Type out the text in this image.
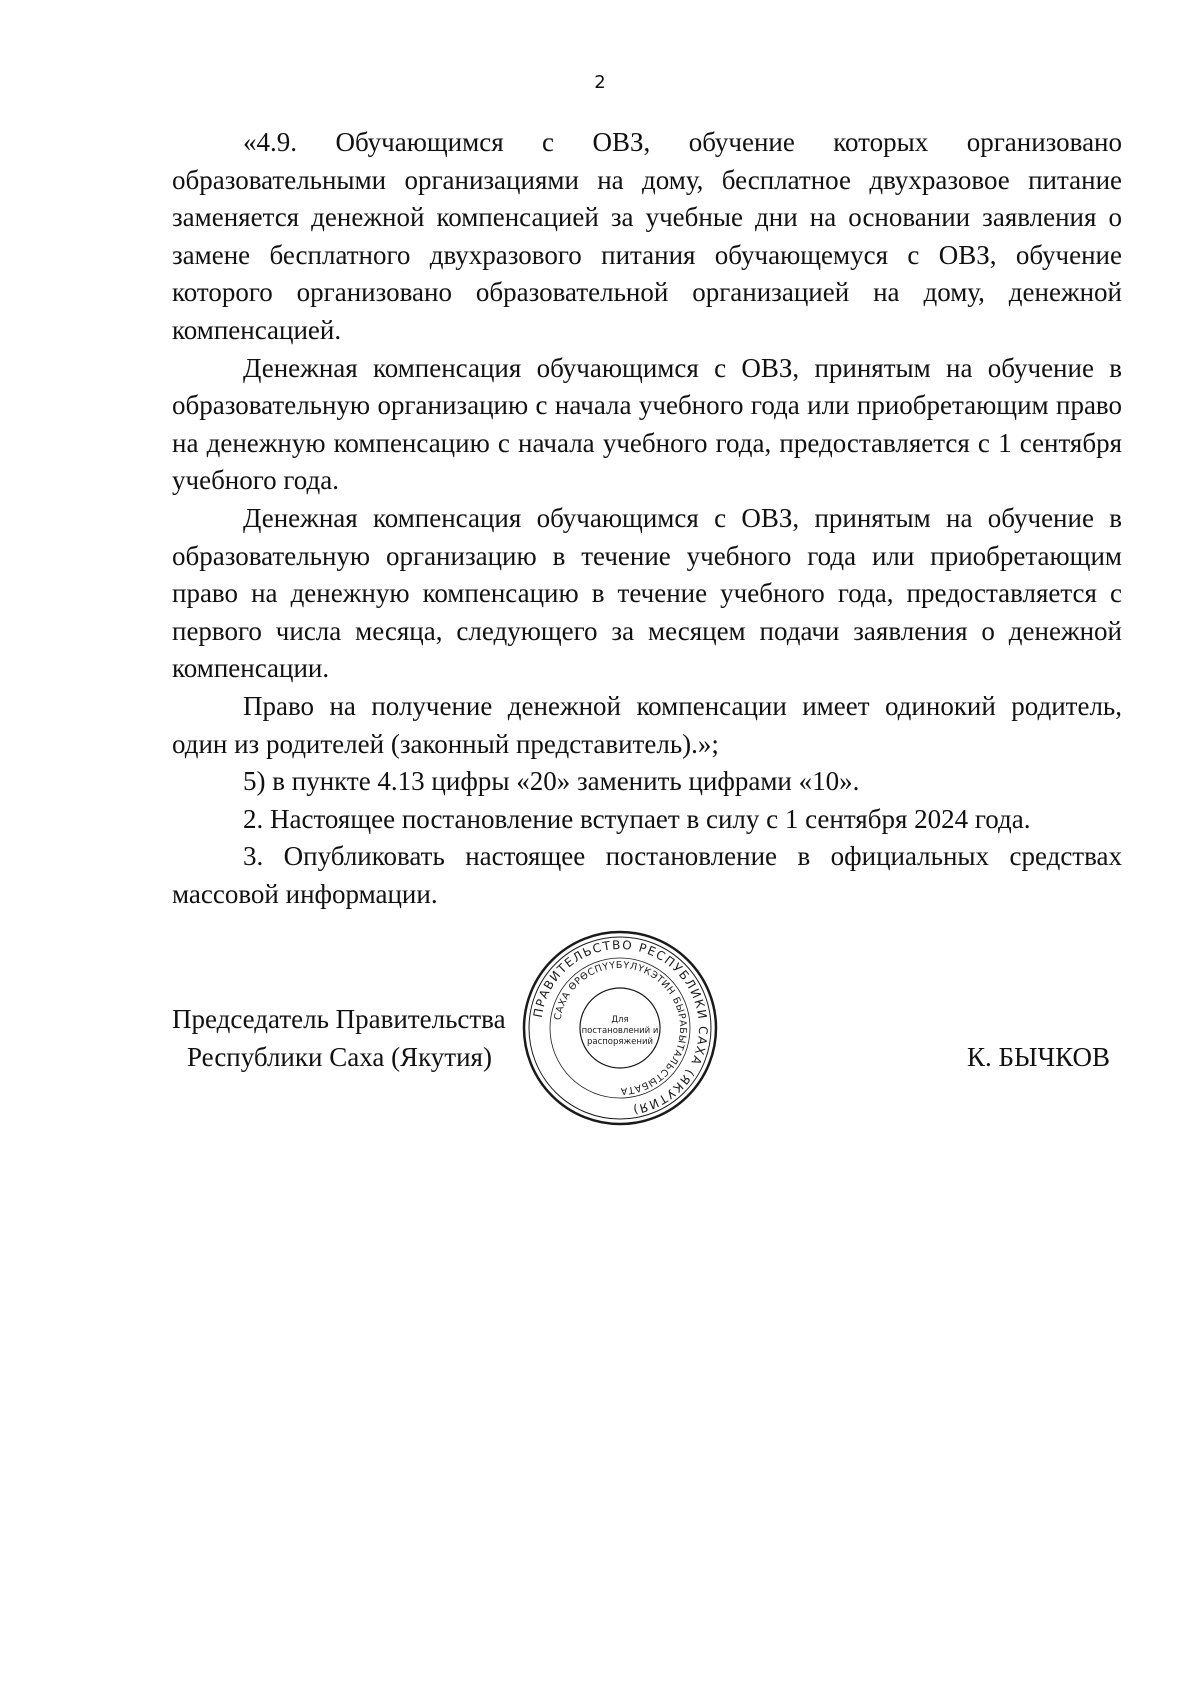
2

«4.9. Обучающимся с ОВЗ, обучение которых организовано образовательными организациями на дому, бесплатное двухразовое питание заменяется денежной компенсацией за учебные дни на основании заявления о замене бесплатного двухразового питания обучающемуся с ОВЗ, обучение которого организовано образовательной организацией на дому, денежной компенсацией.

Денежная компенсация обучающимся с ОВЗ, принятым на обучение в образовательную организацию с начала учебного года или приобретающим право на денежную компенсацию с начала учебного года, предоставляется с 1 сентября учебного года.

Денежная компенсация обучающимся с ОВЗ, принятым на обучение в образовательную организацию в течение учебного года или приобретающим право на денежную компенсацию в течение учебного года, предоставляется с первого числа месяца, следующего за месяцем подачи заявления о денежной компенсации.

Право на получение денежной компенсации имеет одинокий родитель, один из родителей (законный представитель).»;

5) в пункте 4.13 цифры «20» заменить цифрами «10».

2. Настоящее постановление вступает в силу с 1 сентября 2024 года.

3. Опубликовать настоящее постановление в официальных средствах массовой информации.

Председатель Правительства
Республики Саха (Якутия)	К. БЫЧКОВ
ПРАВИТЕЛЬСТВО РЕСПУБЛИКИ САХА (ЯКУТИЯ)
САХА ӨРӨСПҮҮБҮЛҮКЭТИН БЫРАБЫТАЛЬСТЫБАТА
Для
постановлений и
распоряжений
